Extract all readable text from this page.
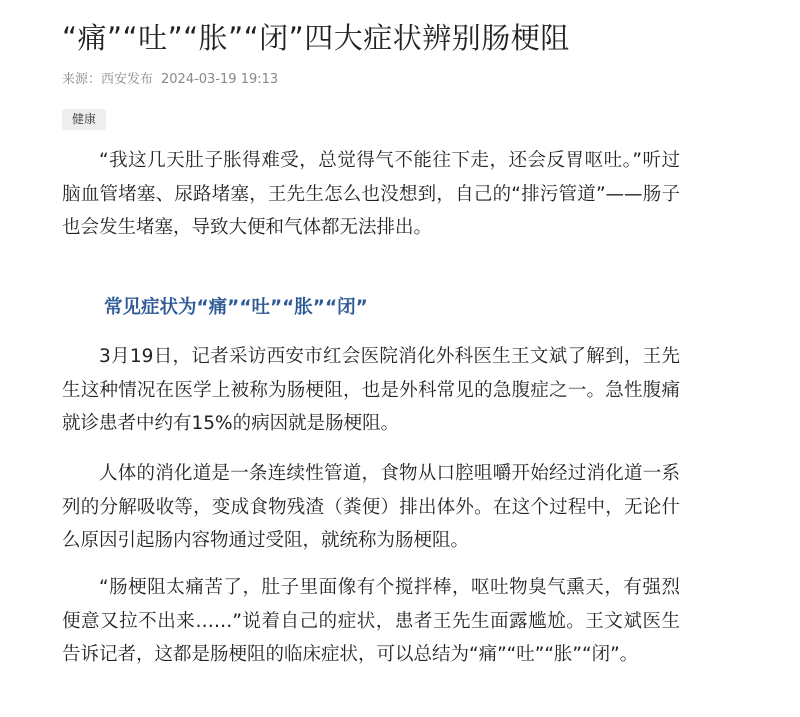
“痛”“吐”“胀”“闭”四大症状辨别肠梗阻
来源：西安发布 2024-03-19 19:13
健康

“我这几天肚子胀得难受，总觉得气不能往下走，还会反胃呕吐。”听过脑血管堵塞、尿路堵塞，王先生怎么也没想到，自己的“排污管道”——肠子也会发生堵塞，导致大便和气体都无法排出。

常见症状为“痛”“吐”“胀”“闭”

3月19日，记者采访西安市红会医院消化外科医生王文斌了解到，王先生这种情况在医学上被称为肠梗阻，也是外科常见的急腹症之一。急性腹痛就诊患者中约有15%的病因就是肠梗阻。

人体的消化道是一条连续性管道，食物从口腔咀嚼开始经过消化道一系列的分解吸收等，变成食物残渣（粪便）排出体外。在这个过程中，无论什么原因引起肠内容物通过受阻，就统称为肠梗阻。

“肠梗阻太痛苦了，肚子里面像有个搅拌棒，呕吐物臭气熏天，有强烈便意又拉不出来……”说着自己的症状，患者王先生面露尴尬。王文斌医生告诉记者，这都是肠梗阻的临床症状，可以总结为“痛”“吐”“胀”“闭”。
